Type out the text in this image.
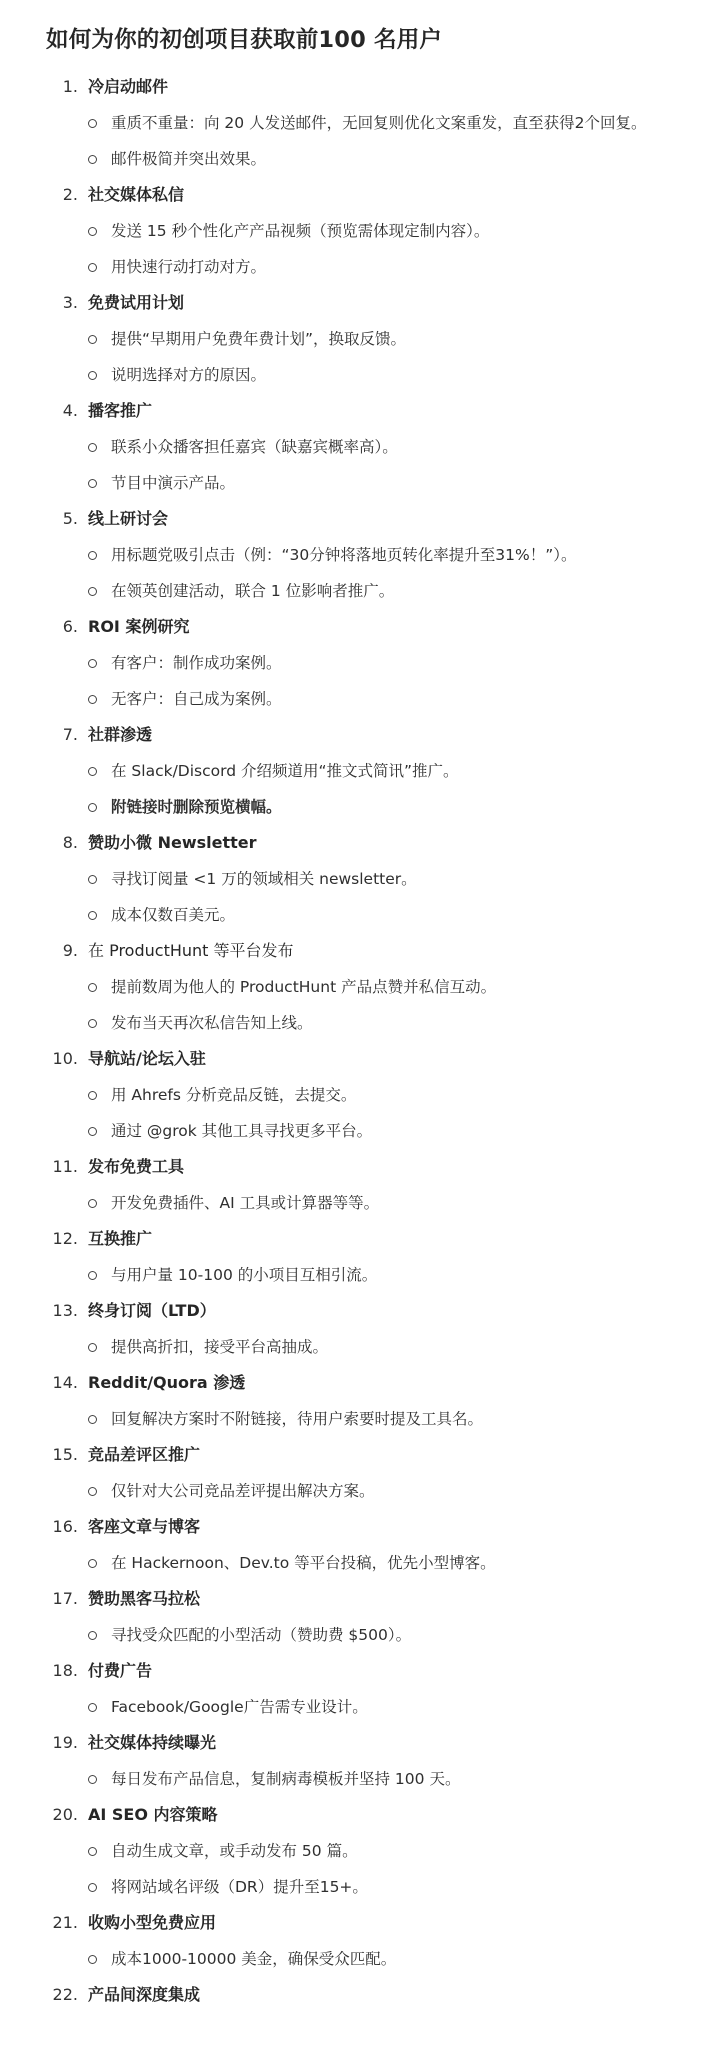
如何为你的初创项目获取前100 名用户
1. 冷启动邮件
重质不重量：向 20 人发送邮件，无回复则优化文案重发，直至获得2个回复。
邮件极简并突出效果。
2. 社交媒体私信
发送 15 秒个性化产产品视频（预览需体现定制内容）。
用快速行动打动对方。
3. 免费试用计划
提供“早期用户免费年费计划”，换取反馈。
说明选择对方的原因。
4. 播客推广
联系小众播客担任嘉宾（缺嘉宾概率高）。
节目中演示产品。
5. 线上研讨会
用标题党吸引点击（例：“30分钟将落地页转化率提升至31%！”）。
在领英创建活动，联合 1 位影响者推广。
6. ROI 案例研究
有客户：制作成功案例。
无客户：自己成为案例。
7. 社群渗透
在 Slack/Discord 介绍频道用“推文式简讯”推广。
附链接时删除预览横幅。
8. 赞助小微 Newsletter
寻找订阅量 <1 万的领域相关 newsletter。
成本仅数百美元。
9. 在 ProductHunt 等平台发布
提前数周为他人的 ProductHunt 产品点赞并私信互动。
发布当天再次私信告知上线。
10. 导航站/论坛入驻
用 Ahrefs 分析竞品反链，去提交。
通过 @grok 其他工具寻找更多平台。
11. 发布免费工具
开发免费插件、AI 工具或计算器等等。
12. 互换推广
与用户量 10-100 的小项目互相引流。
13. 终身订阅（LTD）
提供高折扣，接受平台高抽成。
14. Reddit/Quora 渗透
回复解决方案时不附链接，待用户索要时提及工具名。
15. 竞品差评区推广
仅针对大公司竞品差评提出解决方案。
16. 客座文章与博客
在 Hackernoon、Dev.to 等平台投稿，优先小型博客。
17. 赞助黑客马拉松
寻找受众匹配的小型活动（赞助费 $500）。
18. 付费广告
Facebook/Google广告需专业设计。
19. 社交媒体持续曝光
每日发布产品信息，复制病毒模板并坚持 100 天。
20. AI SEO 内容策略
自动生成文章，或手动发布 50 篇。
将网站域名评级（DR）提升至15+。
21. 收购小型免费应用
成本1000-10000 美金，确保受众匹配。
22. 产品间深度集成
